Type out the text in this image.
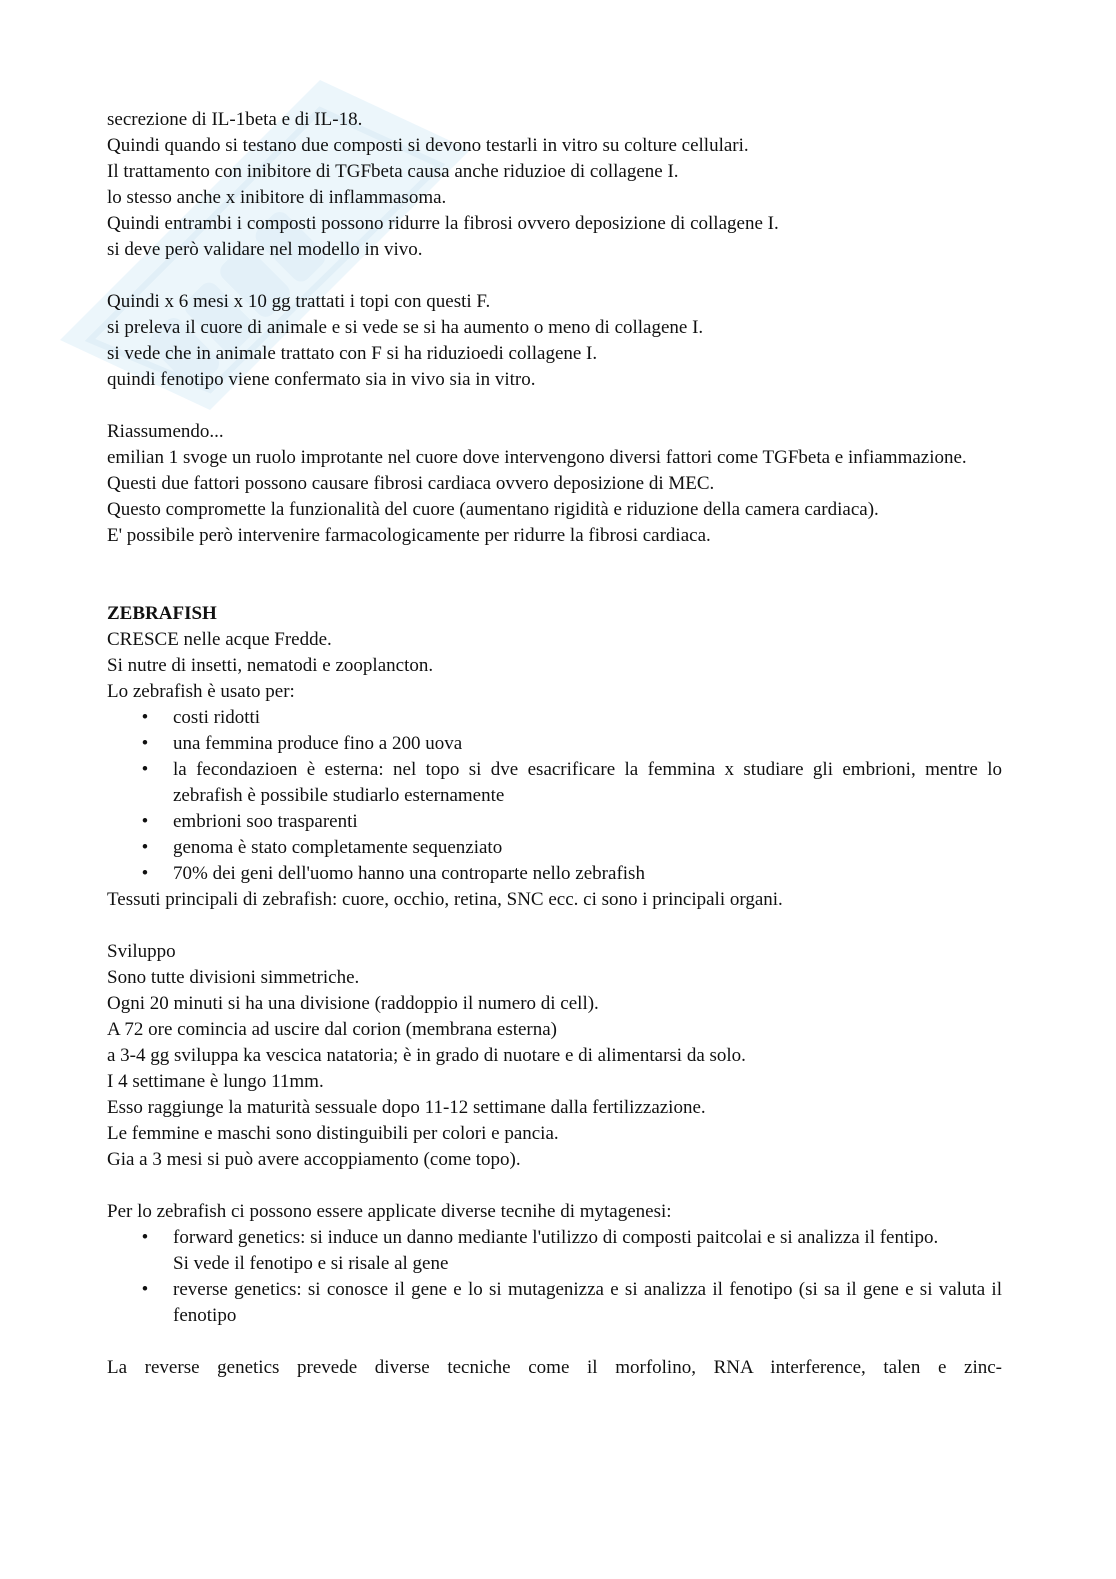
secrezione di IL-1beta e di IL-18.
Quindi quando si testano due composti si devono testarli in vitro su colture cellulari.
Il trattamento con inibitore di TGFbeta causa anche riduzioe di collagene I.
lo stesso anche x inibitore di inflammasoma.
Quindi entrambi i composti possono ridurre la fibrosi ovvero deposizione di collagene I.
si deve però validare nel modello in vivo.
Quindi x 6 mesi x 10 gg trattati i topi con questi F.
si preleva il cuore di animale e si vede se si ha aumento o meno di collagene I.
si vede che in animale trattato con F si ha riduzioedi collagene I.
quindi fenotipo viene confermato sia in vivo sia in vitro.
Riassumendo...
emilian 1 svoge un ruolo improtante nel cuore dove intervengono diversi fattori come TGFbeta e infiammazione.
Questi due fattori possono causare fibrosi cardiaca ovvero deposizione di MEC.
Questo compromette la funzionalità del cuore (aumentano rigidità e riduzione della camera cardiaca).
E' possibile però intervenire farmacologicamente per ridurre la fibrosi cardiaca.
ZEBRAFISH
CRESCE nelle acque Fredde.
Si nutre di insetti, nematodi e zooplancton.
Lo zebrafish è usato per:
• costi ridotti
• una femmina produce fino a 200 uova
• la fecondazioen è esterna: nel topo si dve esacrificare la femmina x studiare gli embrioni, mentre lo zebrafish è possibile studiarlo esternamente
• embrioni soo trasparenti
• genoma è stato completamente sequenziato
• 70% dei geni dell'uomo hanno una controparte nello zebrafish
Tessuti principali di zebrafish: cuore, occhio, retina, SNC ecc. ci sono i principali organi.
Sviluppo
Sono tutte divisioni simmetriche.
Ogni 20 minuti si ha una divisione (raddoppio il numero di cell).
A 72 ore comincia ad uscire dal corion (membrana esterna)
a 3-4 gg sviluppa ka vescica natatoria; è in grado di nuotare e di alimentarsi da solo.
I 4 settimane è lungo 11mm.
Esso raggiunge la maturità sessuale dopo 11-12 settimane dalla fertilizzazione.
Le femmine e maschi sono distinguibili per colori e pancia.
Gia a 3 mesi si può avere accoppiamento (come topo).
Per lo zebrafish ci possono essere applicate diverse tecnihe di mytagenesi:
• forward genetics: si induce un danno mediante l'utilizzo di composti paitcolai e si analizza il fentipo.
Si vede il fenotipo e si risale al gene
• reverse genetics: si conosce il gene e lo si mutagenizza e si analizza il fenotipo (si sa il gene e si valuta il fenotipo
La reverse genetics prevede diverse tecniche come il morfolino, RNA interference, talen e zinc-
